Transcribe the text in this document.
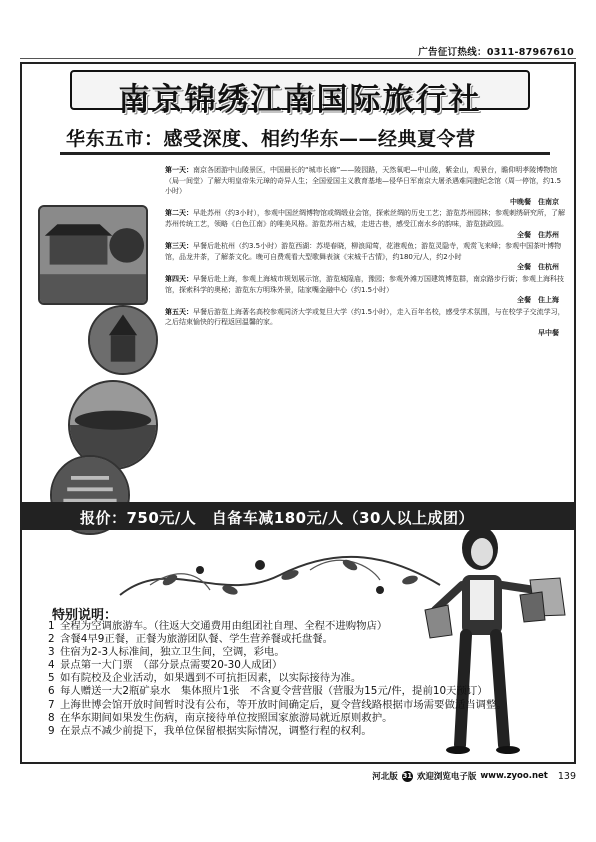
广告征订热线：0311-87967610
南京锦绣江南国际旅行社
华东五市：感受深度、相约华东——经典夏令营
第一天：南京各团游中山陵景区，中国最长的“城市长廊”——陵园路，天然氧吧—中山陵，紫金山，观景台，瞻仰明孝陵博物馆（局一间堂）了解大明皇帝朱元璋的奇异人生；全国爱国主义教育基地—侵华日军南京大屠杀遇难同胞纪念馆（周一停馆，约1.5小时）
中晚餐　住南京
第二天：早赴苏州（约3小时），参观中国丝绸博物馆或绸缎业会馆，探索丝绸的历史工艺；游览苏州园林；参观刺绣研究所，了解苏州传统工艺，领略《白色江南》的唯美风格。游览苏州古城，走进古巷，感受江南水乡的韵味，游览拙政园。
全餐　住苏州
第三天：早餐后赴杭州（约3.5小时）游览西湖：苏堤春晓，柳浪闻莺，花港观鱼；游览灵隐寺，观赏飞来峰；参观中国茶叶博物馆，品龙井茶，了解茶文化。晚可自费观看大型歌舞表演《宋城千古情》，约180元/人，约2小时
全餐　住杭州
第四天：早餐后赴上海，参观上海城市规划展示馆，游览城隍庙，豫园；参观外滩万国建筑博览群，南京路步行街；参观上海科技馆，探索科学的奥秘；游览东方明珠外景，陆家嘴金融中心（约1.5小时）
全餐　住上海
第五天：早餐后游览上海著名高校参观同济大学或复旦大学（约1.5小时），走入百年名校，感受学术氛围，与在校学子交流学习，之后结束愉快的行程返回温馨的家。
早中餐
报价：750元/人　自备车减180元/人（30人以上成团）
特别说明：
1 全程为空调旅游车。（往返大交通费用由组团社自理、全程不进购物店）
2 含餐4早9正餐，正餐为旅游团队餐、学生营养餐或托盘餐。
3 住宿为2-3人标准间，独立卫生间，空调，彩电。
4 景点第一大门票　（部分景点需要20-30人成团）
5 如有院校及企业活动，如果遇到不可抗拒因素，以实际接待为准。
6 每人赠送一大2瓶矿泉水　集体照片1张　不含夏令营营服（营服为15元/件，提前10天预订）
7 上海世博会馆开放时间暂时没有公布，等开放时间确定后，夏令营线路根据市场需要做适当调整。
8 在华东期间如果发生伤病，南京接待单位按照国家旅游局就近原则救护。
9 在景点不减少前提下，我单位保留根据实际情况，调整行程的权利。
河北版 31 欢迎浏览电子版 www.zyoo.net 139
